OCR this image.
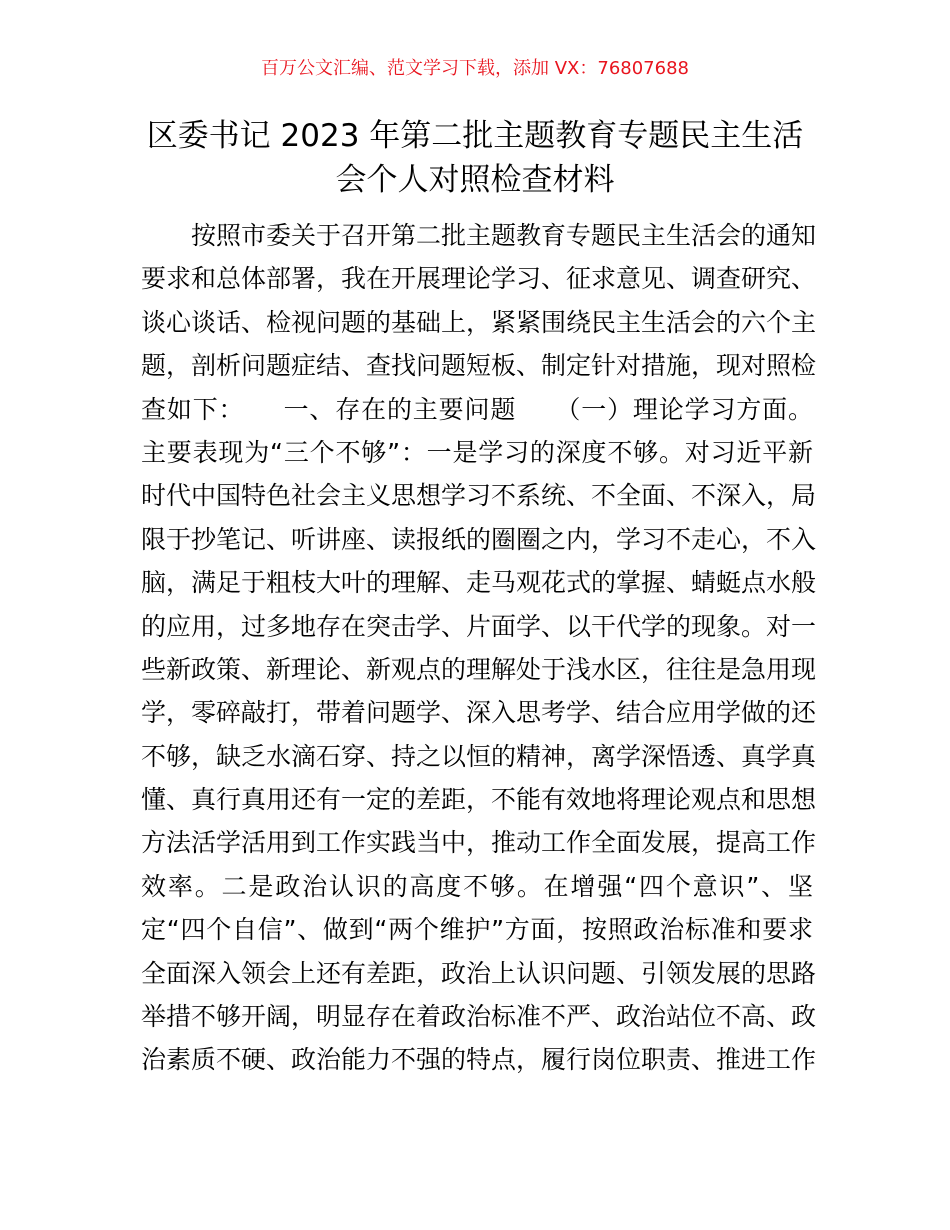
百万公文汇编、范文学习下载，添加 VX：76807688
区委书记 2023 年第二批主题教育专题民主生活
会个人对照检查材料
按照市委关于召开第二批主题教育专题民主生活会的通知
要求和总体部署，我在开展理论学习、征求意见、调查研究、
谈心谈话、检视问题的基础上，紧紧围绕民主生活会的六个主
题，剖析问题症结、查找问题短板、制定针对措施，现对照检
查如下：　　一、存在的主要问题　　（一）理论学习方面。
主要表现为“三个不够”：一是学习的深度不够。对习近平新
时代中国特色社会主义思想学习不系统、不全面、不深入，局
限于抄笔记、听讲座、读报纸的圈圈之内，学习不走心，不入
脑，满足于粗枝大叶的理解、走马观花式的掌握、蜻蜓点水般
的应用，过多地存在突击学、片面学、以干代学的现象。对一
些新政策、新理论、新观点的理解处于浅水区，往往是急用现
学，零碎敲打，带着问题学、深入思考学、结合应用学做的还
不够，缺乏水滴石穿、持之以恒的精神，离学深悟透、真学真
懂、真行真用还有一定的差距，不能有效地将理论观点和思想
方法活学活用到工作实践当中，推动工作全面发展，提高工作
效率。二是政治认识的高度不够。在增强“四个意识”、坚
定“四个自信”、做到“两个维护”方面，按照政治标准和要求
全面深入领会上还有差距，政治上认识问题、引领发展的思路
举措不够开阔，明显存在着政治标准不严、政治站位不高、政
治素质不硬、政治能力不强的特点，履行岗位职责、推进工作
